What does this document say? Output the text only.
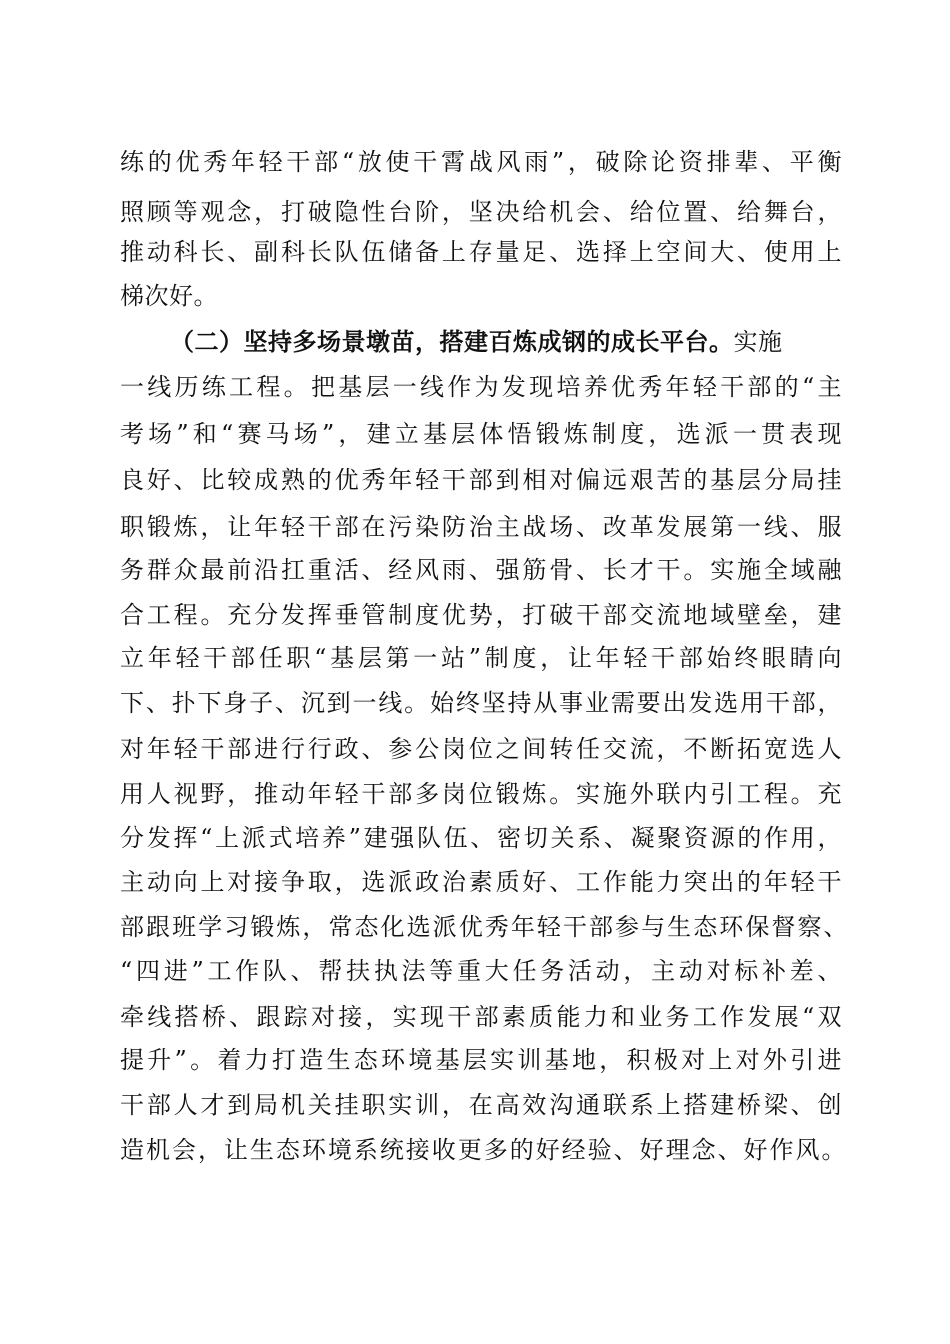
练的优秀年轻干部“放使干霄战风雨”，破除论资排辈、平衡
照顾等观念，打破隐性台阶，坚决给机会、给位置、给舞台，
推动科长、副科长队伍储备上存量足、选择上空间大、使用上
梯次好。
（二）坚持多场景墩苗，搭建百炼成钢的成长平台。实施
一线历练工程。把基层一线作为发现培养优秀年轻干部的“主
考场”和“赛马场”，建立基层体悟锻炼制度，选派一贯表现
良好、比较成熟的优秀年轻干部到相对偏远艰苦的基层分局挂
职锻炼，让年轻干部在污染防治主战场、改革发展第一线、服
务群众最前沿扛重活、经风雨、强筋骨、长才干。实施全域融
合工程。充分发挥垂管制度优势，打破干部交流地域壁垒，建
立年轻干部任职“基层第一站”制度，让年轻干部始终眼睛向
下、扑下身子、沉到一线。始终坚持从事业需要出发选用干部，
对年轻干部进行行政、参公岗位之间转任交流，不断拓宽选人
用人视野，推动年轻干部多岗位锻炼。实施外联内引工程。充
分发挥“上派式培养”建强队伍、密切关系、凝聚资源的作用，
主动向上对接争取，选派政治素质好、工作能力突出的年轻干
部跟班学习锻炼，常态化选派优秀年轻干部参与生态环保督察、
“四进”工作队、帮扶执法等重大任务活动，主动对标补差、
牵线搭桥、跟踪对接，实现干部素质能力和业务工作发展“双
提升”。着力打造生态环境基层实训基地，积极对上对外引进
干部人才到局机关挂职实训，在高效沟通联系上搭建桥梁、创
造机会，让生态环境系统接收更多的好经验、好理念、好作风。
